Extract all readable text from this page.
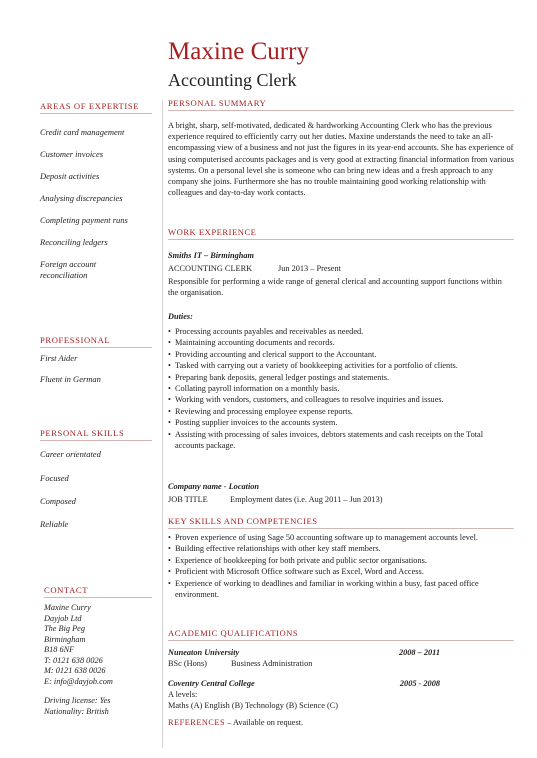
Maxine Curry
Accounting Clerk
AREAS OF EXPERTISE
Credit card management
Customer invoices
Deposit activities
Analysing discrepancies
Completing payment runs
Reconciling ledgers
Foreign account reconciliation
PROFESSIONAL
First Aider
Fluent in German
PERSONAL SKILLS
Career orientated
Focused
Composed
Reliable
CONTACT
Maxine Curry
Dayjob Ltd
The Big Peg
Birmingham
B18 6NF
T: 0121 638 0026
M: 0121 638 0026
E: info@dayjob.com
Driving license: Yes
Nationality: British
PERSONAL SUMMARY
A bright, sharp, self-motivated, dedicated & hardworking Accounting Clerk who has the previous experience required to efficiently carry out her duties. Maxine understands the need to take an all-encompassing view of a business and not just the figures in its year-end accounts. She has experience of using computerised accounts packages and is very good at extracting financial information from various systems. On a personal level she is someone who can bring new ideas and a fresh approach to any company she joins. Furthermore she has no trouble maintaining good working relationship with colleagues and day-to-day work contacts.
WORK EXPERIENCE
Smiths IT – Birmingham
ACCOUNTING CLERK	Jun 2013 – Present
Responsible for performing a wide range of general clerical and accounting support functions within the organisation.
Duties:
• Processing accounts payables and receivables as needed.
• Maintaining accounting documents and records.
• Providing accounting and clerical support to the Accountant.
• Tasked with carrying out a variety of bookkeeping activities for a portfolio of clients.
• Preparing bank deposits, general ledger postings and statements.
• Collating payroll information on a monthly basis.
• Working with vendors, customers, and colleagues to resolve inquiries and issues.
• Reviewing and processing employee expense reports.
• Posting supplier invoices to the accounts system.
• Assisting with processing of sales invoices, debtors statements and cash receipts on the Total accounts package.
Company name - Location
JOB TITLE	Employment dates (i.e. Aug 2011 – Jun 2013)
KEY SKILLS AND COMPETENCIES
• Proven experience of using Sage 50 accounting software up to management accounts level.
• Building effective relationships with other key staff members.
• Experience of bookkeeping for both private and public sector organisations.
• Proficient with Microsoft Office software such as Excel, Word and Access.
• Experience of working to deadlines and familiar in working within a busy, fast paced office environment.
ACADEMIC QUALIFICATIONS
Nuneaton University	2008 – 2011
BSc (Hons)	Business Administration
Coventry Central College	2005 - 2008
A levels:
Maths (A) English (B) Technology (B) Science (C)
REFERENCES – Available on request.
